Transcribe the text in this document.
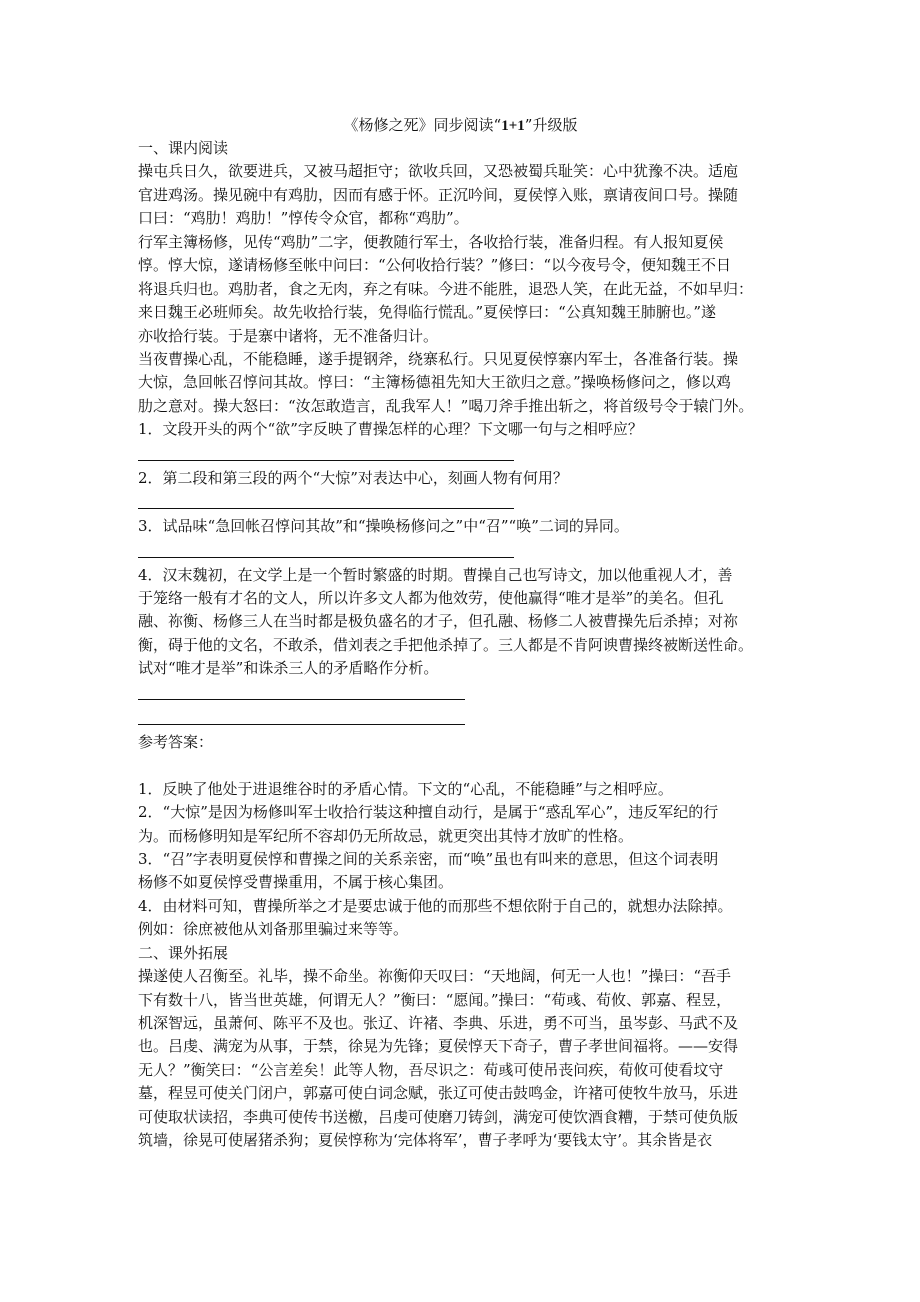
《杨修之死》同步阅读“1+1”升级版
一、课内阅读
操屯兵日久，欲要进兵，又被马超拒守；欲收兵回，又恐被蜀兵耻笑：心中犹豫不决。适庖
官进鸡汤。操见碗中有鸡肋，因而有感于怀。正沉吟间，夏侯惇入账，禀请夜间口号。操随
口曰：“鸡肋！鸡肋！”惇传令众官，都称“鸡肋”。
行军主簿杨修，见传“鸡肋”二字，便教随行军士，各收拾行装，准备归程。有人报知夏侯
惇。惇大惊，遂请杨修至帐中问曰：“公何收拾行装？”修曰：“以今夜号令，便知魏王不日
将退兵归也。鸡肋者，食之无肉，弃之有味。今进不能胜，退恐人笑，在此无益，不如早归：
来日魏王必班师矣。故先收拾行装，免得临行慌乱。”夏侯惇曰：“公真知魏王肺腑也。”遂
亦收拾行装。于是寨中诸将，无不准备归计。
当夜曹操心乱，不能稳睡，遂手提钢斧，绕寨私行。只见夏侯惇寨内军士，各准备行装。操
大惊，急回帐召惇问其故。惇曰：“主簿杨德祖先知大王欲归之意。”操唤杨修问之，修以鸡
肋之意对。操大怒曰：“汝怎敢造言，乱我军人！”喝刀斧手推出斩之，将首级号令于辕门外。
1．文段开头的两个“欲”字反映了曹操怎样的心理？下文哪一句与之相呼应？
2．第二段和第三段的两个“大惊”对表达中心，刻画人物有何用？
3．试品味“急回帐召惇问其故”和“操唤杨修问之”中“召”“唤”二词的异同。
4．汉末魏初，在文学上是一个暂时繁盛的时期。曹操自己也写诗文，加以他重视人才，善
于笼络一般有才名的文人，所以许多文人都为他效劳，使他赢得“唯才是举”的美名。但孔
融、祢衡、杨修三人在当时都是极负盛名的才子，但孔融、杨修二人被曹操先后杀掉；对祢
衡，碍于他的文名，不敢杀，借刘表之手把他杀掉了。三人都是不肯阿谀曹操终被断送性命。
试对“唯才是举”和诛杀三人的矛盾略作分析。
参考答案：
1．反映了他处于进退维谷时的矛盾心情。下文的“心乱，不能稳睡”与之相呼应。
2．“大惊”是因为杨修叫军士收拾行装这种擅自动行，是属于“惑乱军心”，违反军纪的行
为。而杨修明知是军纪所不容却仍无所故忌，就更突出其恃才放旷的性格。
3．“召”字表明夏侯惇和曹操之间的关系亲密，而“唤”虽也有叫来的意思，但这个词表明
杨修不如夏侯惇受曹操重用，不属于核心集团。
4．由材料可知，曹操所举之才是要忠诚于他的而那些不想依附于自己的，就想办法除掉。
例如：徐庶被他从刘备那里骗过来等等。
二、课外拓展
操遂使人召衡至。礼毕，操不命坐。祢衡仰天叹曰：“天地阔，何无一人也！”操曰：“吾手
下有数十八，皆当世英雄，何谓无人？”衡曰：“愿闻。”操曰：“荀彧、荀攸、郭嘉、程昱，
机深智远，虽萧何、陈平不及也。张辽、许褚、李典、乐进，勇不可当，虽岑彭、马武不及
也。吕虔、满宠为从事，于禁，徐晃为先锋；夏侯惇天下奇子，曹子孝世间福将。——安得
无人？”衡笑曰：“公言差矣！此等人物，吾尽识之：荀彧可使吊丧问疾，荀攸可使看坟守
墓，程昱可使关门闭户，郭嘉可使白词念赋，张辽可使击鼓鸣金，许褚可使牧牛放马，乐进
可使取状读招，李典可使传书送檄，吕虔可使磨刀铸剑，满宠可使饮酒食糟，于禁可使负版
筑墙，徐晃可使屠猪杀狗；夏侯惇称为‘完体将军’，曹子孝呼为‘要钱太守’。其余皆是衣
